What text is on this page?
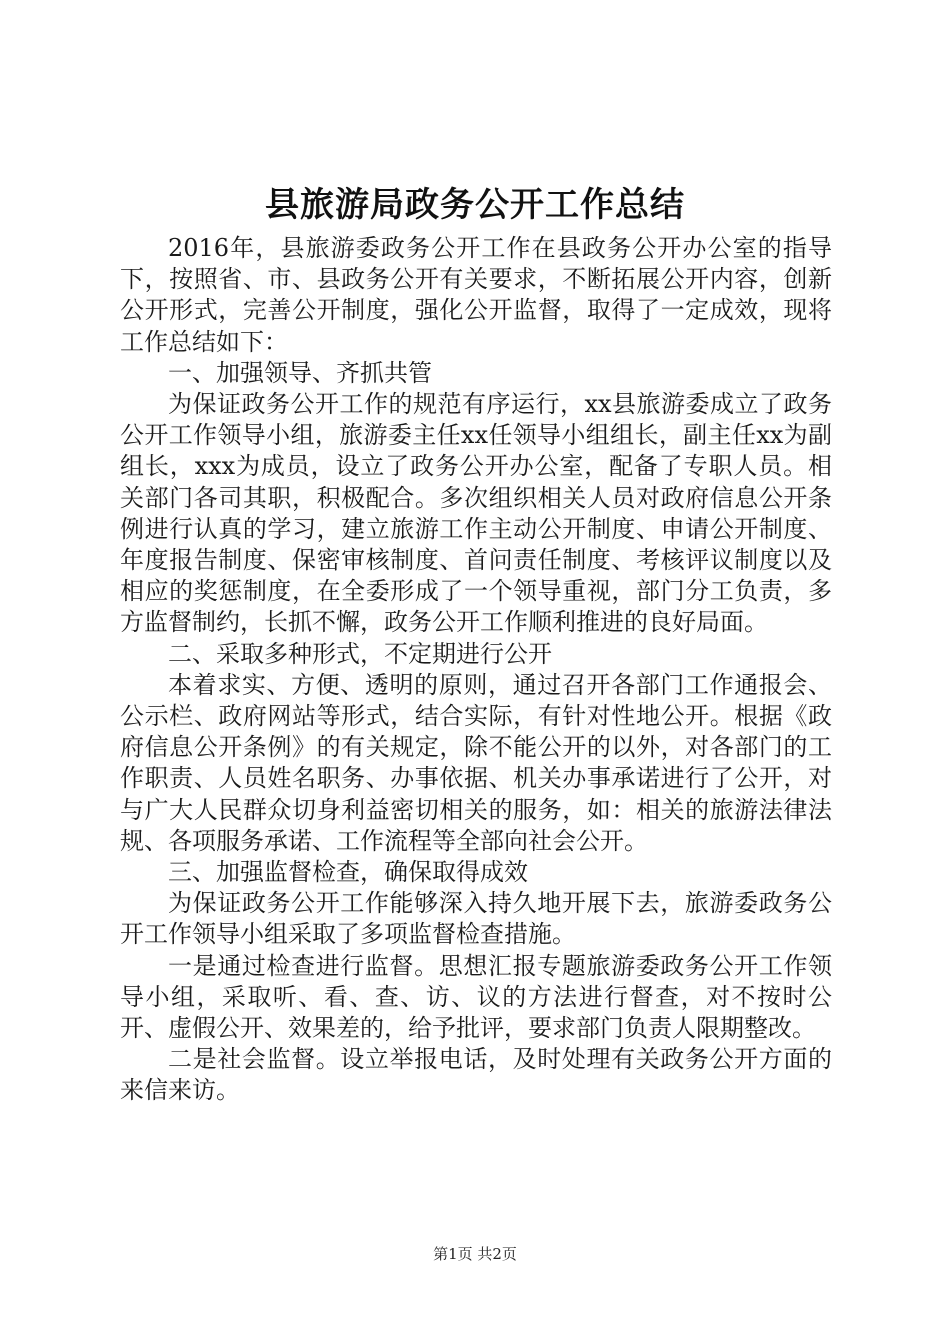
县旅游局政务公开工作总结

2016年，县旅游委政务公开工作在县政务公开办公室的指导下，按照省、市、县政务公开有关要求，不断拓展公开内容，创新公开形式，完善公开制度，强化公开监督，取得了一定成效，现将工作总结如下：

一、加强领导、齐抓共管

为保证政务公开工作的规范有序运行，xx县旅游委成立了政务公开工作领导小组，旅游委主任xx任领导小组组长，副主任xx为副组长，xxx为成员，设立了政务公开办公室，配备了专职人员。相关部门各司其职，积极配合。多次组织相关人员对政府信息公开条例进行认真的学习，建立旅游工作主动公开制度、申请公开制度、年度报告制度、保密审核制度、首问责任制度、考核评议制度以及相应的奖惩制度，在全委形成了一个领导重视，部门分工负责，多方监督制约，长抓不懈，政务公开工作顺利推进的良好局面。

二、采取多种形式，不定期进行公开

本着求实、方便、透明的原则，通过召开各部门工作通报会、公示栏、政府网站等形式，结合实际，有针对性地公开。根据《政府信息公开条例》的有关规定，除不能公开的以外，对各部门的工作职责、人员姓名职务、办事依据、机关办事承诺进行了公开，对与广大人民群众切身利益密切相关的服务，如：相关的旅游法律法规、各项服务承诺、工作流程等全部向社会公开。

三、加强监督检查，确保取得成效

为保证政务公开工作能够深入持久地开展下去，旅游委政务公开工作领导小组采取了多项监督检查措施。

一是通过检查进行监督。思想汇报专题旅游委政务公开工作领导小组，采取听、看、查、访、议的方法进行督查，对不按时公开、虚假公开、效果差的，给予批评，要求部门负责人限期整改。

二是社会监督。设立举报电话，及时处理有关政务公开方面的来信来访。

第1页 共2页
